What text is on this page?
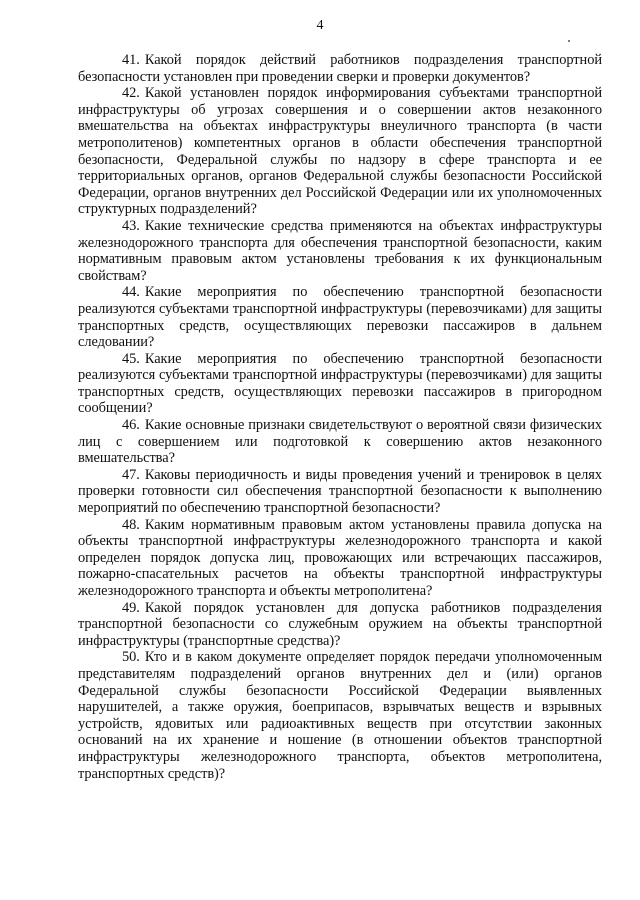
4

41. Какой порядок действий работников подразделения транспортной безопасности установлен при проведении сверки и проверки документов?

42. Какой установлен порядок информирования субъектами транспортной инфраструктуры об угрозах совершения и о совершении актов незаконного вмешательства на объектах инфраструктуры внеуличного транспорта (в части метрополитенов) компетентных органов в области обеспечения транспортной безопасности, Федеральной службы по надзору в сфере транспорта и ее территориальных органов, органов Федеральной службы безопасности Российской Федерации, органов внутренних дел Российской Федерации или их уполномоченных структурных подразделений?

43. Какие технические средства применяются на объектах инфраструктуры железнодорожного транспорта для обеспечения транспортной безопасности, каким нормативным правовым актом установлены требования к их функциональным свойствам?

44. Какие мероприятия по обеспечению транспортной безопасности реализуются субъектами транспортной инфраструктуры (перевозчиками) для защиты транспортных средств, осуществляющих перевозки пассажиров в дальнем следовании?

45. Какие мероприятия по обеспечению транспортной безопасности реализуются субъектами транспортной инфраструктуры (перевозчиками) для защиты транспортных средств, осуществляющих перевозки пассажиров в пригородном сообщении?

46. Какие основные признаки свидетельствуют о вероятной связи физических лиц с совершением или подготовкой к совершению актов незаконного вмешательства?

47. Каковы периодичность и виды проведения учений и тренировок в целях проверки готовности сил обеспечения транспортной безопасности к выполнению мероприятий по обеспечению транспортной безопасности?

48. Каким нормативным правовым актом установлены правила допуска на объекты транспортной инфраструктуры железнодорожного транспорта и какой определен порядок допуска лиц, провожающих или встречающих пассажиров, пожарно-спасательных расчетов на объекты транспортной инфраструктуры железнодорожного транспорта и объекты метрополитена?

49. Какой порядок установлен для допуска работников подразделения транспортной безопасности со служебным оружием на объекты транспортной инфраструктуры (транспортные средства)?

50. Кто и в каком документе определяет порядок передачи уполномоченным представителям подразделений органов внутренних дел и (или) органов Федеральной службы безопасности Российской Федерации выявленных нарушителей, а также оружия, боеприпасов, взрывчатых веществ и взрывных устройств, ядовитых или радиоактивных веществ при отсутствии законных оснований на их хранение и ношение (в отношении объектов транспортной инфраструктуры железнодорожного транспорта, объектов метрополитена, транспортных средств)?
